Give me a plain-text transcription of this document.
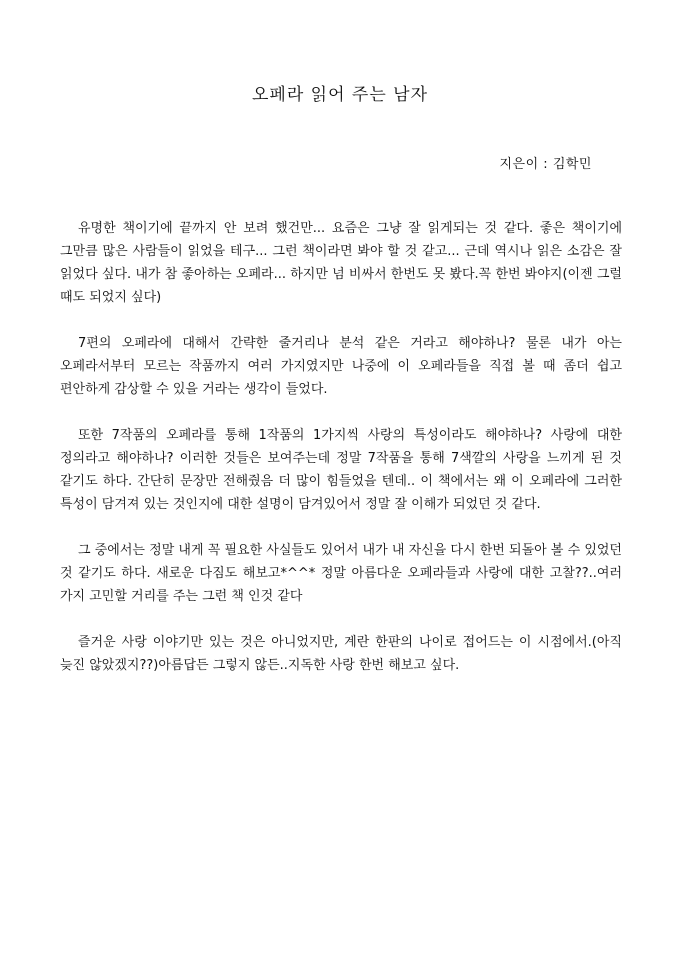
오페라 읽어 주는 남자
지은이 : 김학민

유명한 책이기에 끝까지 안 보려 했건만... 요즘은 그냥 잘 읽게되는 것 같다. 좋은 책이기에 그만큼 많은 사람들이 읽었을 테구... 그런 책이라면 봐야 할 것 같고... 근데 역시나 읽은 소감은 잘 읽었다 싶다. 내가 참 좋아하는 오페라... 하지만 넘 비싸서 한번도 못 봤다.꼭 한번 봐야지(이젠 그럴 때도 되었지 싶다)

7편의 오페라에 대해서 간략한 줄거리나 분석 같은 거라고 해야하나? 물론 내가 아는 오페라서부터 모르는 작품까지 여러 가지였지만 나중에 이 오페라들을 직접 볼 때 좀더 쉽고 편안하게 감상할 수 있을 거라는 생각이 들었다.

또한 7작품의 오페라를 통해 1작품의 1가지씩 사랑의 특성이라도 해야하나? 사랑에 대한 정의라고 해야하나? 이러한 것들은 보여주는데 정말 7작품을 통해 7색깔의 사랑을 느끼게 된 것 같기도 하다. 간단히 문장만 전해줬음 더 많이 힘들었을 텐데.. 이 책에서는 왜 이 오페라에 그러한 특성이 담겨져 있는 것인지에 대한 설명이 담겨있어서 정말 잘 이해가 되었던 것 같다.

그 중에서는 정말 내게 꼭 필요한 사실들도 있어서 내가 내 자신을 다시 한번 되돌아 볼 수 있었던 것 같기도 하다. 새로운 다짐도 해보고*^^* 정말 아름다운 오페라들과 사랑에 대한 고찰??..여러 가지 고민할 거리를 주는 그런 책 인것 같다

즐거운 사랑 이야기만 있는 것은 아니었지만, 계란 한판의 나이로 접어드는 이 시점에서.(아직 늦진 않았겠지??)아름답든 그렇지 않든..지독한 사랑 한번 해보고 싶다.
